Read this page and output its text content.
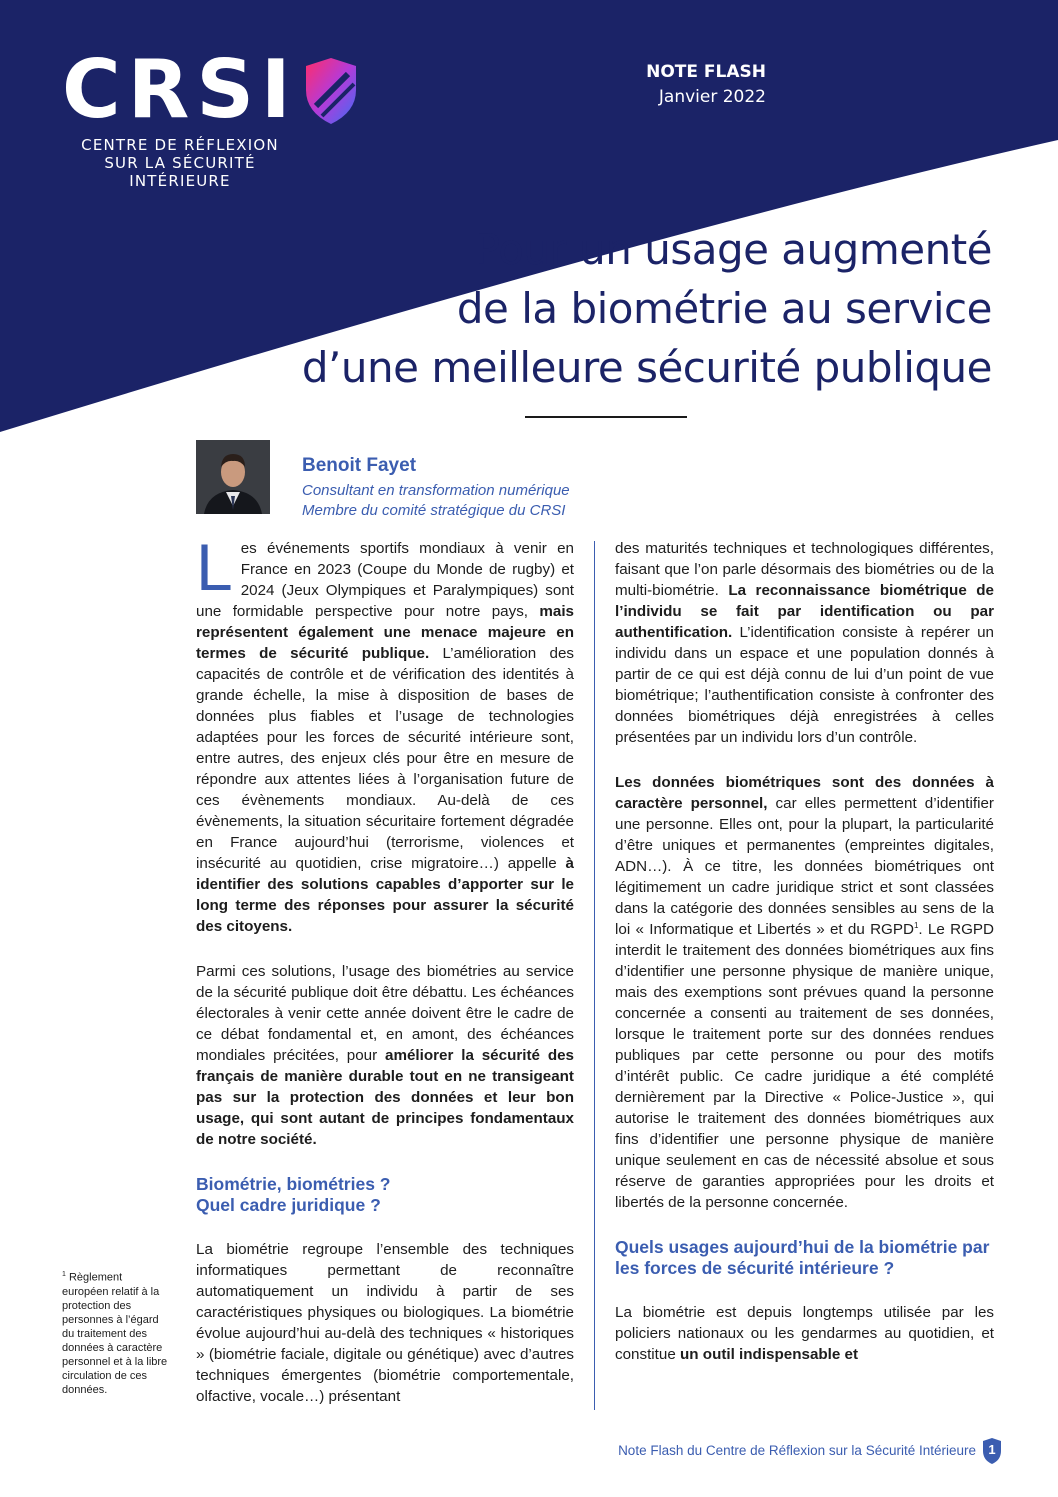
CRSI
CENTRE DE RÉFLEXION
SUR LA SÉCURITÉ INTÉRIEURE
NOTE FLASH
Janvier 2022
Pour un usage augmenté
de la biométrie au service
d’une meilleure sécurité publique
Benoit Fayet
Consultant en transformation numérique
Membre du comité stratégique du CRSI

Les événements sportifs mondiaux à venir en France en 2023 (Coupe du Monde de rugby) et 2024 (Jeux Olympiques et Paralympiques) sont une formidable perspective pour notre pays, mais représentent également une menace majeure en termes de sécurité publique. L’amélioration des capacités de contrôle et de vérification des identités à grande échelle, la mise à disposition de bases de données plus fiables et l’usage de technologies adaptées pour les forces de sécurité intérieure sont, entre autres, des enjeux clés pour être en mesure de répondre aux attentes liées à l’organisation future de ces évènements mondiaux. Au-delà de ces évènements, la situation sécuritaire fortement dégradée en France aujourd’hui (terrorisme, violences et insécurité au quotidien, crise migratoire…) appelle à identifier des solutions capables d’apporter sur le long terme des réponses pour assurer la sécurité des citoyens.

Parmi ces solutions, l’usage des biométries au service de la sécurité publique doit être débattu. Les échéances électorales à venir cette année doivent être le cadre de ce débat fondamental et, en amont, des échéances mondiales précitées, pour améliorer la sécurité des français de manière durable tout en ne transigeant pas sur la protection des données et leur bon usage, qui sont autant de principes fondamentaux de notre société.

Biométrie, biométries ?
Quel cadre juridique ?

La biométrie regroupe l’ensemble des techniques informatiques permettant de reconnaître automatiquement un individu à partir de ses caractéristiques physiques ou biologiques. La biométrie évolue aujourd’hui au-delà des techniques « historiques » (biométrie faciale, digitale ou génétique) avec d’autres techniques émergentes (biométrie comportementale, olfactive, vocale…) présentant

des maturités techniques et technologiques différentes, faisant que l’on parle désormais des biométries ou de la multi-biométrie. La reconnaissance biométrique de l’individu se fait par identification ou par authentification. L’identification consiste à repérer un individu dans un espace et une population donnés à partir de ce qui est déjà connu de lui d’un point de vue biométrique; l’authentification consiste à confronter des données biométriques déjà enregistrées à celles présentées par un individu lors d’un contrôle.

Les données biométriques sont des données à caractère personnel, car elles permettent d’identifier une personne. Elles ont, pour la plupart, la particularité d’être uniques et permanentes (empreintes digitales, ADN…). À ce titre, les données biométriques ont légitimement un cadre juridique strict et sont classées dans la catégorie des données sensibles au sens de la loi « Informatique et Libertés » et du RGPD$^1$. Le RGPD interdit le traitement des données biométriques aux fins d’identifier une personne physique de manière unique, mais des exemptions sont prévues quand la personne concernée a consenti au traitement de ses données, lorsque le traitement porte sur des données rendues publiques par cette personne ou pour des motifs d’intérêt public. Ce cadre juridique a été complété dernièrement par la Directive « Police-Justice », qui autorise le traitement des données biométriques aux fins d’identifier une personne physique de manière unique seulement en cas de nécessité absolue et sous réserve de garanties appropriées pour les droits et libertés de la personne concernée.

Quels usages aujourd’hui de la biométrie par les forces de sécurité intérieure ?

La biométrie est depuis longtemps utilisée par les policiers nationaux ou les gendarmes au quotidien, et constitue un outil indispensable et

$^1$ Règlement européen relatif à la protection des personnes à l’égard du traitement des données à caractère personnel et à la libre circulation de ces données.
Note Flash du Centre de Réflexion sur la Sécurité Intérieure 1
